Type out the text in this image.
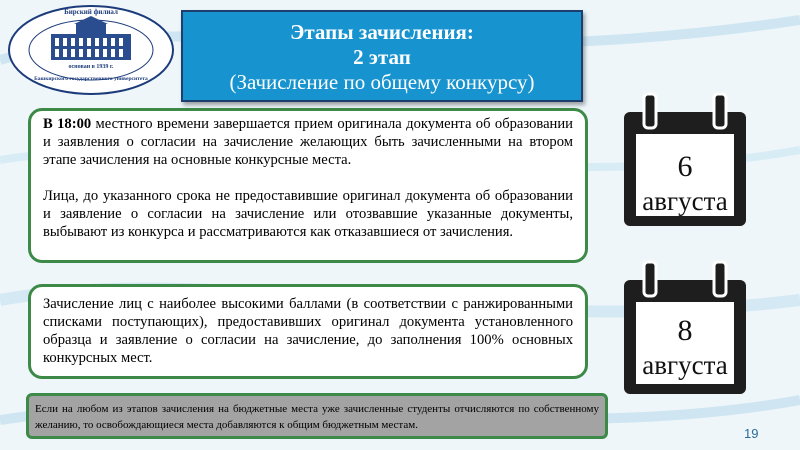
Бирский филиал
основан в 1939 г.
Башкирского государственного университета
Этапы зачисления:
2 этап
(Зачисление по общему конкурсу)

В 18:00 местного времени завершается прием оригинала документа об образовании и заявления о согласии на зачисление желающих быть зачисленными на втором этапе зачисления на основные конкурсные места.

Лица, до указанного срока не предоставившие оригинал документа об образовании и заявление о согласии на зачисление или отозвавшие указанные документы, выбывают из конкурса и рассматриваются как отказавшиеся от зачисления.

Зачисление лиц с наиболее высокими баллами (в соответствии с ранжированными списками поступающих), предоставивших оригинал документа установленного образца и заявление о согласии на зачисление, до заполнения 100% основных конкурсных мест.

Если на любом из этапов зачисления на бюджетные места уже зачисленные студенты отчисляются по собственному желанию, то освобождающиеся места добавляются к общим бюджетным местам.
6
августа
8
августа
19
